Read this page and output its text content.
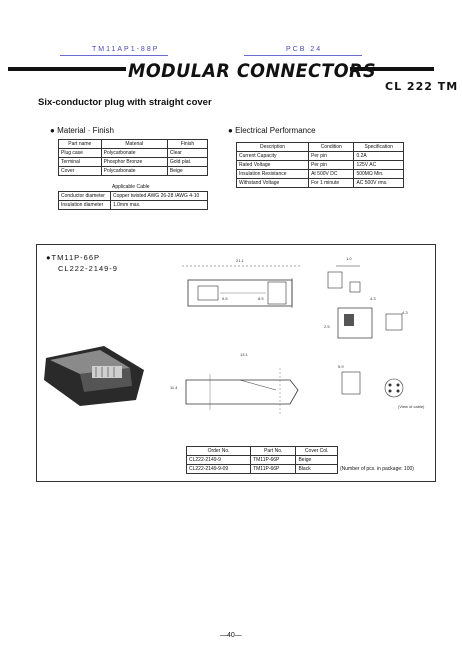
TM11AP1-88P	PCB 24
MODULAR CONNECTORS
CL 222 TM
Six-conductor plug with straight cover
● Material · Finish
Part name	Material	Finish
Plug case	Polycarbonate	Clear
Terminal	Phosphor Bronze	Gold plat.
Cover	Polycarbonate	Beige
Applicable Cable
Conductor diameter	Copper twisted AWG 26-28 /AWG 4-10
Insulation diameter	1.0mm max.
● Electrical Performance
Description	Condition	Specification
Current Capacity	Per pin	0.2A
Rated Voltage	Per pin	125V AC
Insulation Resistance	At 500V DC	500MΩ Min.
Withstand Voltage	For 1 minute	AC 500V rms.
●TM11P-66P
CL222-2149-9
21.1
9.5	8.5
13.1
11.4
1.0
4.3
2.5
4.3
5.9
(View of cable)
Order No.	Part No.	Cover Col.
CL222-2149-9	TM11P-66P	Beige
CL222-2149-9-09	TM11P-66P	Black	(Number of pcs. in package: 100)
—40—
